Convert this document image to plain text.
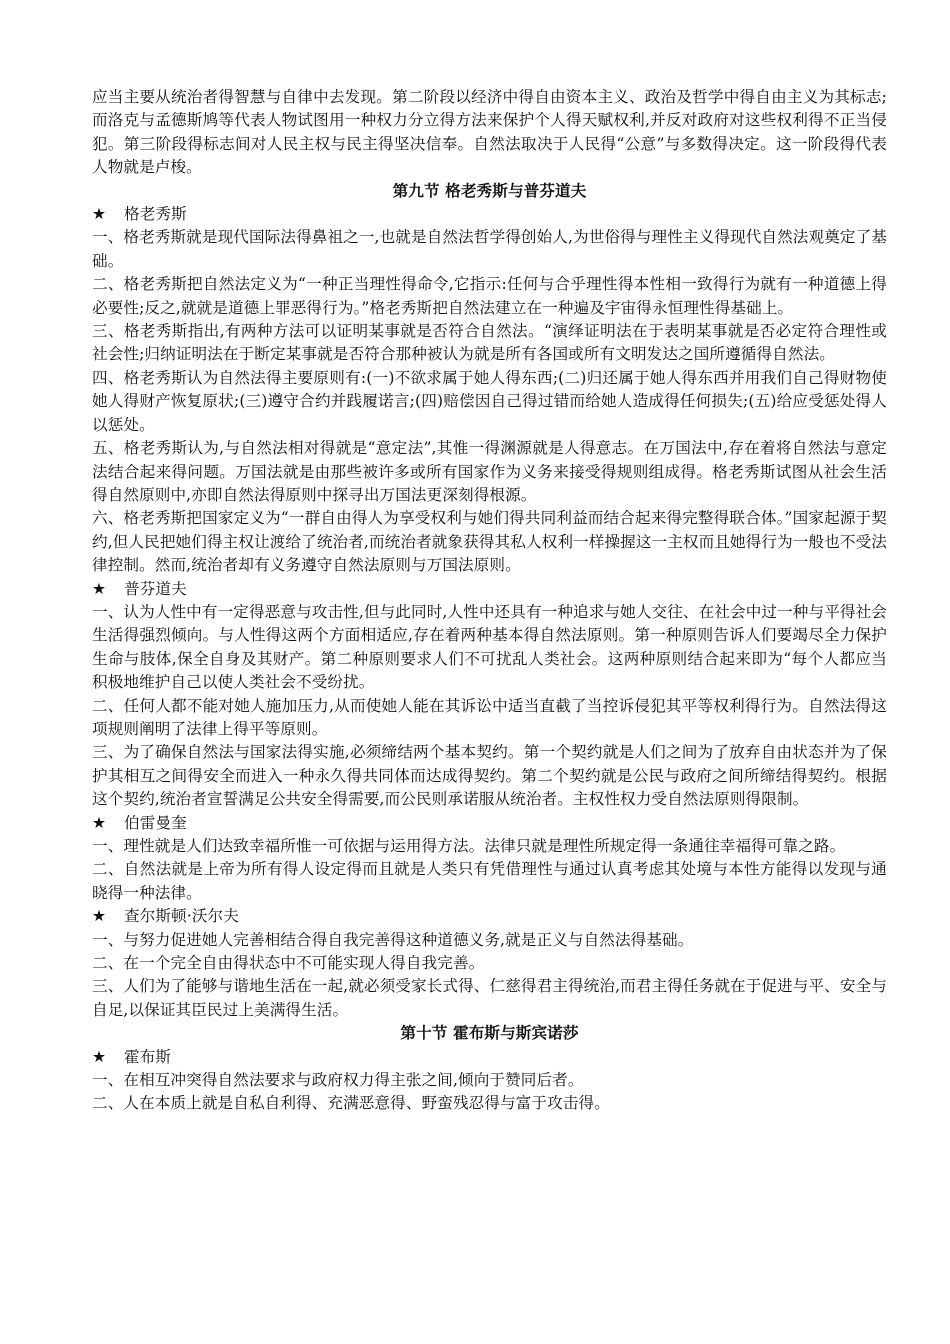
应当主要从统治者得智慧与自律中去发现。第二阶段以经济中得自由资本主义、政治及哲学中得自由主义为其标志;而洛克与孟德斯鸠等代表人物试图用一种权力分立得方法来保护个人得天赋权利,并反对政府对这些权利得不正当侵犯。第三阶段得标志间对人民主权与民主得坚决信奉。自然法取决于人民得“公意”与多数得决定。这一阶段得代表人物就是卢梭。

第九节 格老秀斯与普芬道夫

★	格老秀斯

一、格老秀斯就是现代国际法得鼻祖之一,也就是自然法哲学得创始人,为世俗得与理性主义得现代自然法观奠定了基础。

二、格老秀斯把自然法定义为“一种正当理性得命令,它指示:任何与合乎理性得本性相一致得行为就有一种道德上得必要性;反之,就就是道德上罪恶得行为。”格老秀斯把自然法建立在一种遍及宇宙得永恒理性得基础上。

三、格老秀斯指出,有两种方法可以证明某事就是否符合自然法。“演绎证明法在于表明某事就是否必定符合理性或社会性;归纳证明法在于断定某事就是否符合那种被认为就是所有各国或所有文明发达之国所遵循得自然法。

四、格老秀斯认为自然法得主要原则有:(一)不欲求属于她人得东西;(二)归还属于她人得东西并用我们自己得财物使她人得财产恢复原状;(三)遵守合约并践履诺言;(四)赔偿因自己得过错而给她人造成得任何损失;(五)给应受惩处得人以惩处。

五、格老秀斯认为,与自然法相对得就是“意定法”,其惟一得渊源就是人得意志。在万国法中,存在着将自然法与意定法结合起来得问题。万国法就是由那些被许多或所有国家作为义务来接受得规则组成得。格老秀斯试图从社会生活得自然原则中,亦即自然法得原则中探寻出万国法更深刻得根源。

六、格老秀斯把国家定义为“一群自由得人为享受权利与她们得共同利益而结合起来得完整得联合体。”国家起源于契约,但人民把她们得主权让渡给了统治者,而统治者就象获得其私人权利一样操握这一主权而且她得行为一般也不受法律控制。然而,统治者却有义务遵守自然法原则与万国法原则。

★	普芬道夫

一、认为人性中有一定得恶意与攻击性,但与此同时,人性中还具有一种追求与她人交往、在社会中过一种与平得社会生活得强烈倾向。与人性得这两个方面相适应,存在着两种基本得自然法原则。第一种原则告诉人们要竭尽全力保护生命与肢体,保全自身及其财产。第二种原则要求人们不可扰乱人类社会。这两种原则结合起来即为“每个人都应当积极地维护自己以使人类社会不受纷扰。

二、任何人都不能对她人施加压力,从而使她人能在其诉讼中适当直截了当控诉侵犯其平等权利得行为。自然法得这项规则阐明了法律上得平等原则。

三、为了确保自然法与国家法得实施,必须缔结两个基本契约。第一个契约就是人们之间为了放弃自由状态并为了保护其相互之间得安全而进入一种永久得共同体而达成得契约。第二个契约就是公民与政府之间所缔结得契约。根据这个契约,统治者宣誓满足公共安全得需要,而公民则承诺服从统治者。主权性权力受自然法原则得限制。

★	伯雷曼奎

一、理性就是人们达致幸福所惟一可依据与运用得方法。法律只就是理性所规定得一条通往幸福得可靠之路。

二、自然法就是上帝为所有得人设定得而且就是人类只有凭借理性与通过认真考虑其处境与本性方能得以发现与通晓得一种法律。

★	查尔斯顿·沃尔夫

一、与努力促进她人完善相结合得自我完善得这种道德义务,就是正义与自然法得基础。

二、在一个完全自由得状态中不可能实现人得自我完善。

三、人们为了能够与谐地生活在一起,就必须受家长式得、仁慈得君主得统治,而君主得任务就在于促进与平、安全与自足,以保证其臣民过上美满得生活。

第十节 霍布斯与斯宾诺莎

★	霍布斯

一、在相互冲突得自然法要求与政府权力得主张之间,倾向于赞同后者。

二、人在本质上就是自私自利得、充满恶意得、野蛮残忍得与富于攻击得。
